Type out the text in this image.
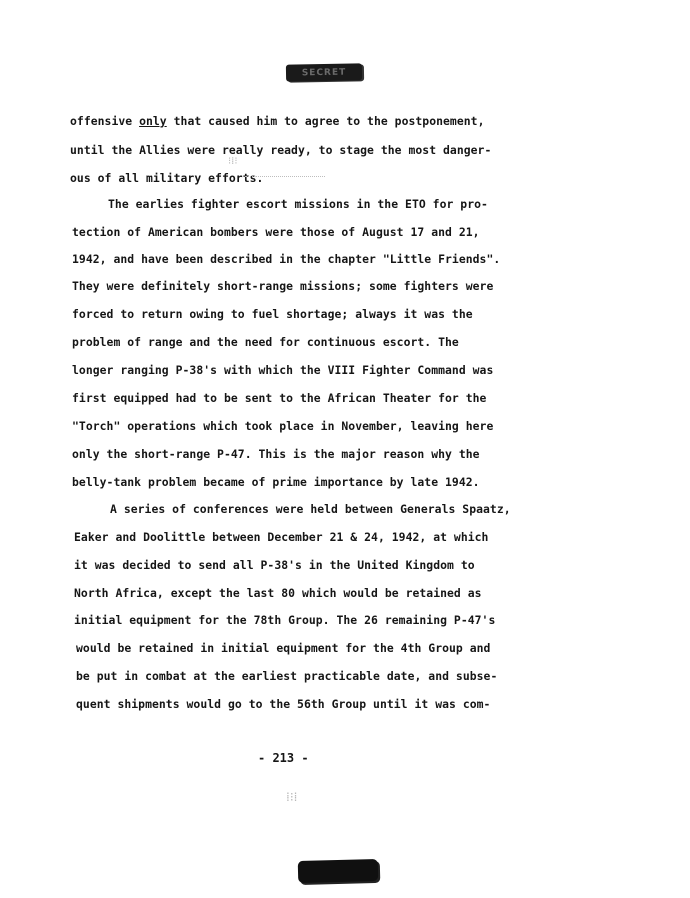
SECRET
offensive only that caused him to agree to the postponement,
until the Allies were really ready, to stage the most danger-
ous of all military efforts.
⁝⁞⁝
The earlies fighter escort missions in the ETO for pro-
tection of American bombers were those of August 17 and 21,
1942, and have been described in the chapter "Little Friends".
They were definitely short-range missions; some fighters were
forced to return owing to fuel shortage; always it was the
problem of range and the need for continuous escort. The
longer ranging P-38's with which the VIII Fighter Command was
first equipped had to be sent to the African Theater for the
"Torch" operations which took place in November, leaving here
only the short-range P-47. This is the major reason why the
belly-tank problem became of prime importance by late 1942.
A series of conferences were held between Generals Spaatz,
Eaker and Doolittle between December 21 & 24, 1942, at which
it was decided to send all P-38's in the United Kingdom to
North Africa, except the last 80 which would be retained as
initial equipment for the 78th Group. The 26 remaining P-47's
would be retained in initial equipment for the 4th Group and
be put in combat at the earliest practicable date, and subse-
quent shipments would go to the 56th Group until it was com-
- 213 -
⁞⁝⁞
